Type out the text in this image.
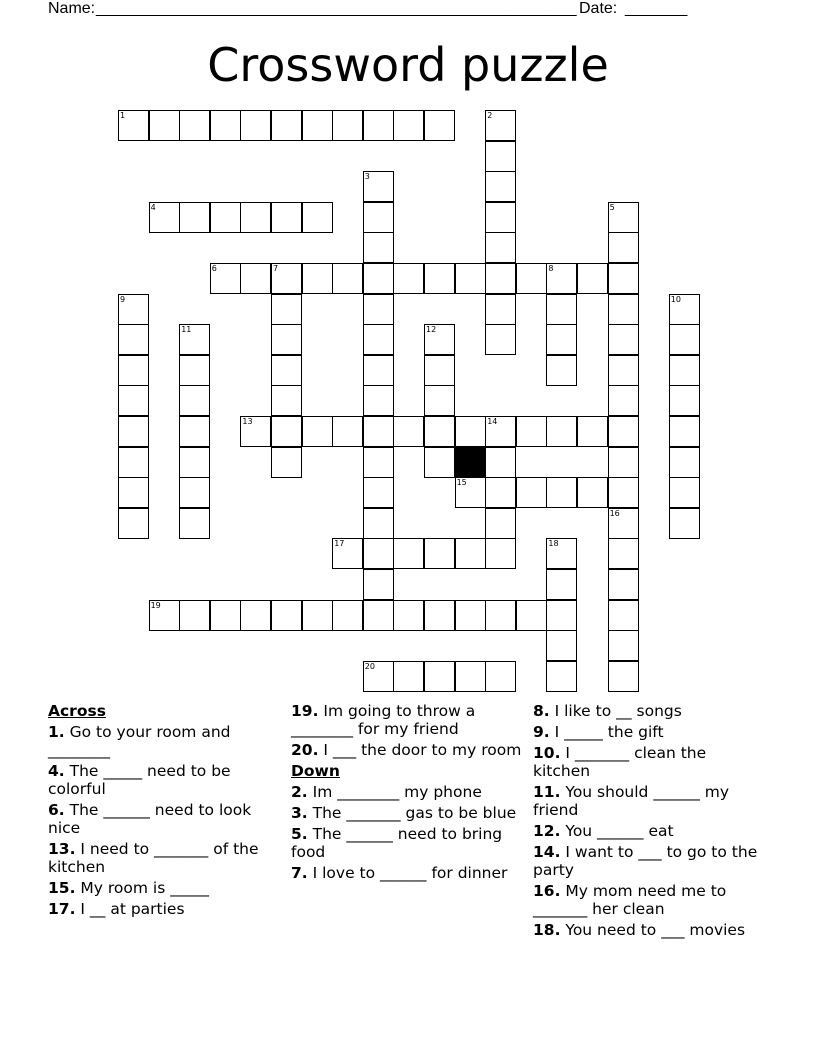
Name: ______________________________________________________ Date: _______
Crossword puzzle
1	2
3
4	5
6	7	8
9	10
11	12
13	14
15
16
17	18
19
20
Across
1. Go to your room and ________
4. The _____ need to be colorful
6. The ______ need to look nice
13. I need to _______ of the kitchen
15. My room is _____
17. I __ at parties
19. Im going to throw a ________ for my friend
20. I ___ the door to my room
Down
2. Im ________ my phone
3. The _______ gas to be blue
5. The ______ need to bring food
7. I love to ______ for dinner
8. I like to __ songs
9. I _____ the gift
10. I _______ clean the kitchen
11. You should ______ my friend
12. You ______ eat
14. I want to ___ to go to the party
16. My mom need me to _______ her clean
18. You need to ___ movies
